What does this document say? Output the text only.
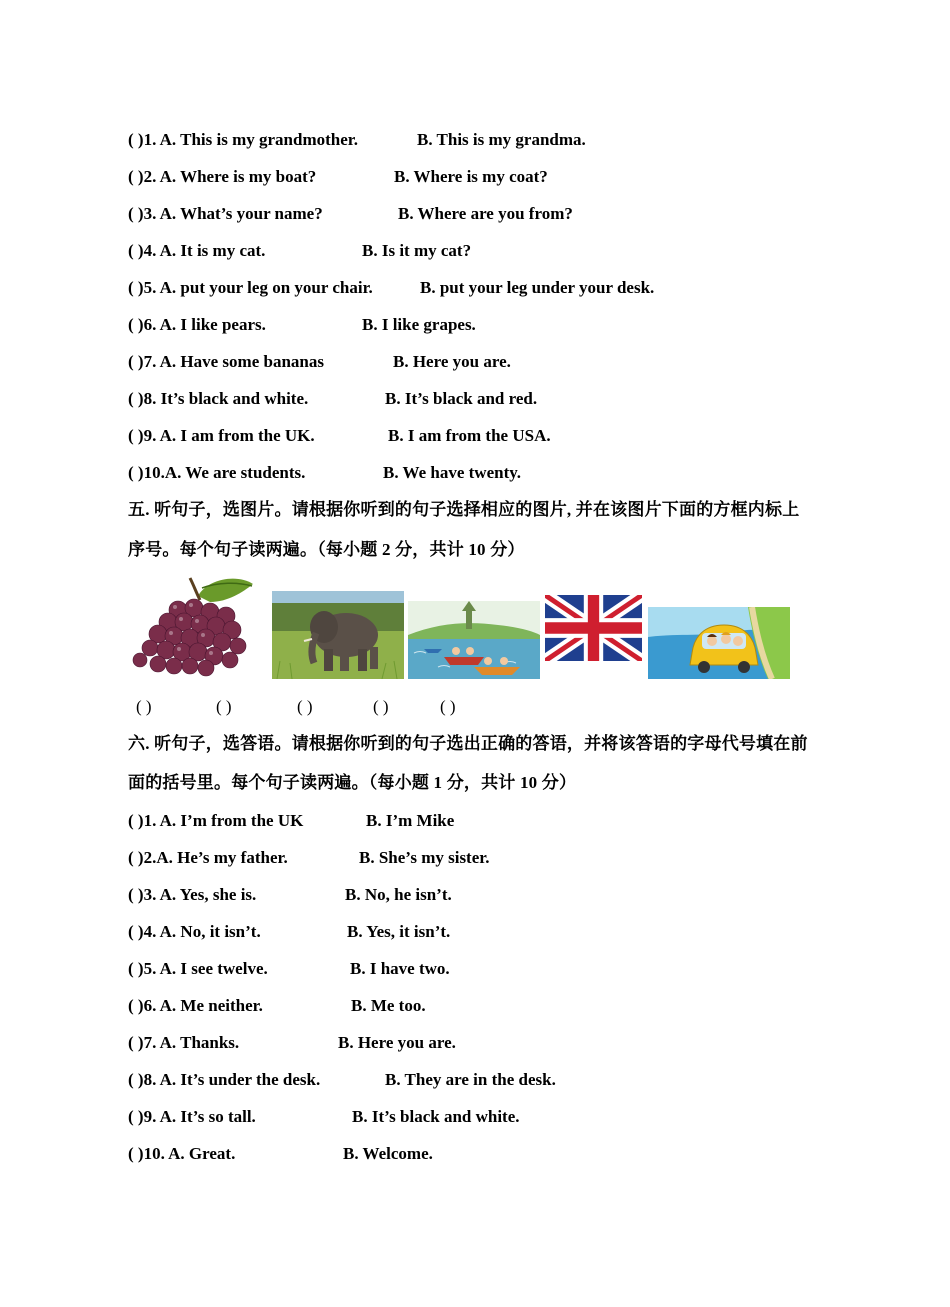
( )1. A. This is my grandmother.	B. This is my grandma.
( )2. A. Where is my boat?	B. Where is my coat?
( )3. A. What’s your name?	B. Where are you from?
( )4. A. It is my cat.	B. Is it my cat?
( )5. A. put your leg on your chair.	B. put your leg under your desk.
( )6. A. I like pears.	B. I like grapes.
( )7. A. Have some bananas	B. Here you are.
( )8. It’s black and white.	B. It’s black and red.
( )9. A. I am from the UK.	B. I am from the USA.
( )10.A. We are students.	B. We have twenty.
五. 听句子，选图片。请根据你听到的句子选择相应的图片, 并在该图片下面的方框内标上
序号。每个句子读两遍。（每小题 2 分，共计 10 分）
( )	( )	( )	( )	( )
六. 听句子，选答语。请根据你听到的句子选出正确的答语，并将该答语的字母代号填在前
面的括号里。每个句子读两遍。（每小题 1 分，共计 10 分）
( )1. A. I’m from the UK	B. I’m Mike
( )2.A. He’s my father.	B. She’s my sister.
( )3. A. Yes, she is.	B. No, he isn’t.
( )4. A. No, it isn’t.	B. Yes, it isn’t.
( )5. A. I see twelve.	B. I have two.
( )6. A. Me neither.	B. Me too.
( )7. A. Thanks.	B. Here you are.
( )8. A. It’s under the desk.	B. They are in the desk.
( )9. A. It’s so tall.	B. It’s black and white.
( )10. A. Great.	B. Welcome.
